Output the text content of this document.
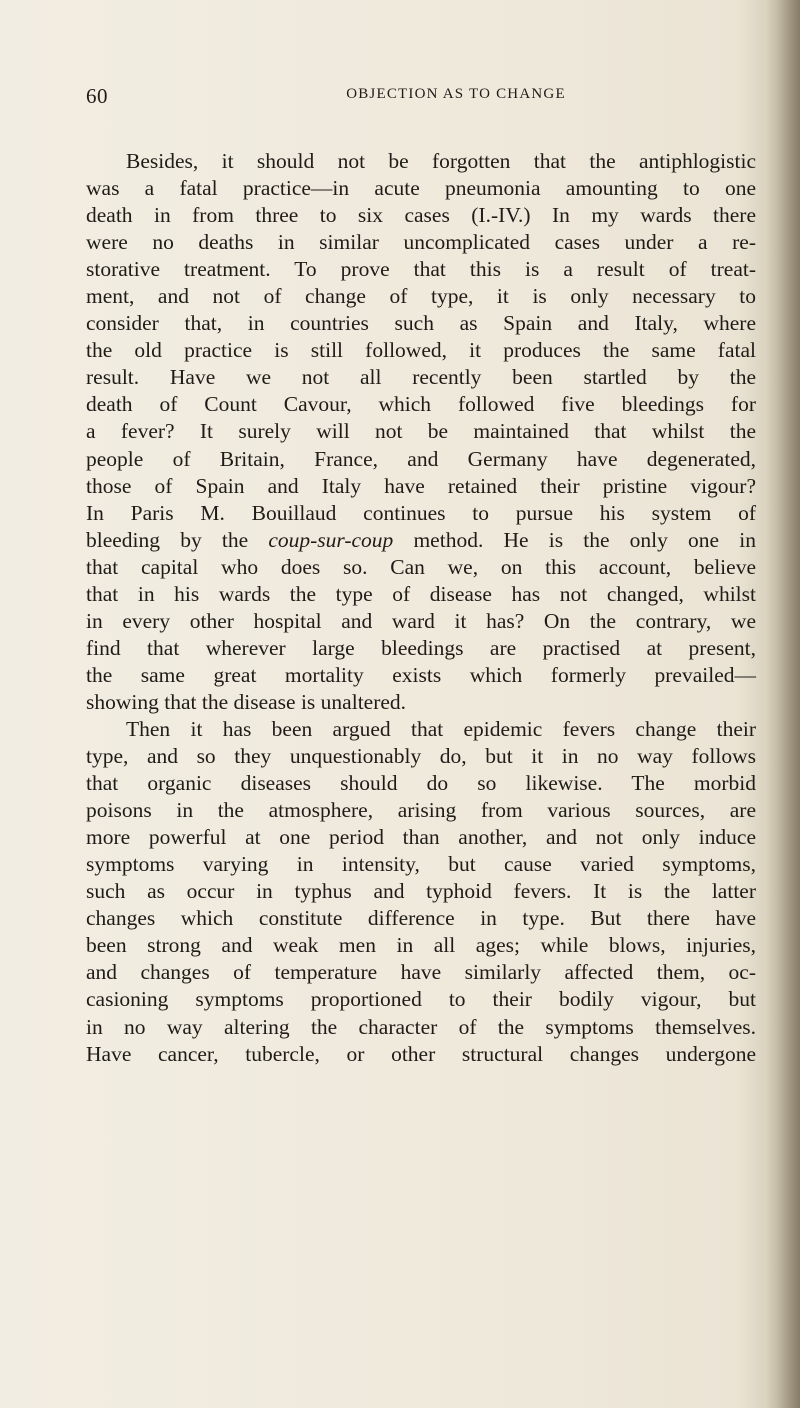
60	OBJECTION AS TO CHANGE
Besides, it should not be forgotten that the antiphlogistic
was a fatal practice—in acute pneumonia amounting to one
death in from three to six cases (I.-IV.) In my wards there
were no deaths in similar uncomplicated cases under a re-
storative treatment. To prove that this is a result of treat-
ment, and not of change of type, it is only necessary to
consider that, in countries such as Spain and Italy, where
the old practice is still followed, it produces the same fatal
result. Have we not all recently been startled by the
death of Count Cavour, which followed five bleedings for
a fever? It surely will not be maintained that whilst the
people of Britain, France, and Germany have degenerated,
those of Spain and Italy have retained their pristine vigour?
In Paris M. Bouillaud continues to pursue his system of
bleeding by the coup-sur-coup method. He is the only one in
that capital who does so. Can we, on this account, believe
that in his wards the type of disease has not changed, whilst
in every other hospital and ward it has? On the contrary, we
find that wherever large bleedings are practised at present,
the same great mortality exists which formerly prevailed—
showing that the disease is unaltered.
Then it has been argued that epidemic fevers change their
type, and so they unquestionably do, but it in no way follows
that organic diseases should do so likewise. The morbid
poisons in the atmosphere, arising from various sources, are
more powerful at one period than another, and not only induce
symptoms varying in intensity, but cause varied symptoms,
such as occur in typhus and typhoid fevers. It is the latter
changes which constitute difference in type. But there have
been strong and weak men in all ages; while blows, injuries,
and changes of temperature have similarly affected them, oc-
casioning symptoms proportioned to their bodily vigour, but
in no way altering the character of the symptoms themselves.
Have cancer, tubercle, or other structural changes undergone
